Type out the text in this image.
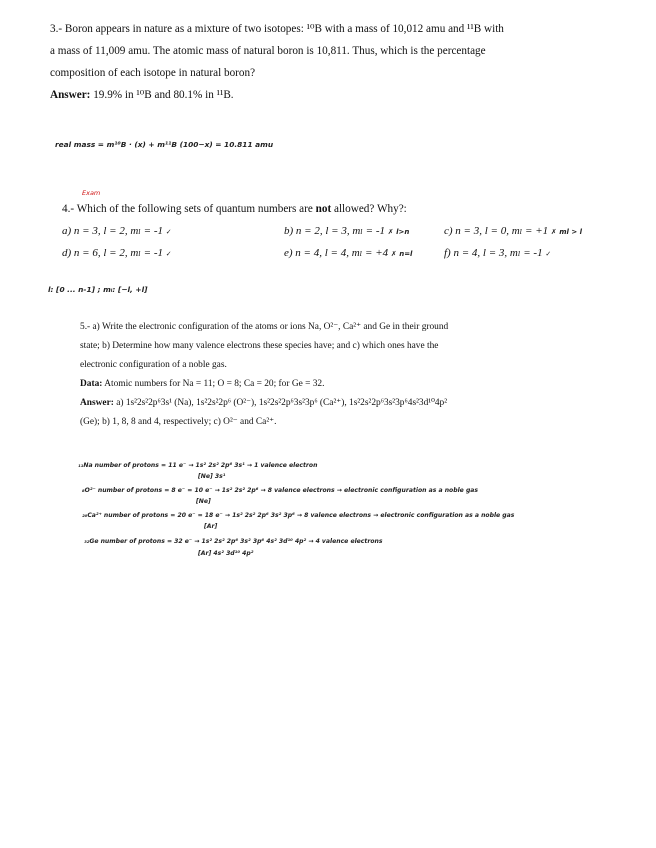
3.- Boron appears in nature as a mixture of two isotopes: ¹⁰B with a mass of 10,012 amu and ¹¹B with

a mass of 11,009 amu. The atomic mass of natural boron is 10,811. Thus, which is the percentage

composition of each isotope in natural boron?

Answer: 19.9% in ¹⁰B and 80.1% in ¹¹B.

real mass = m¹⁰B · (x) + m¹¹B (100−x) = 10.811 amu
Exam
4.- Which of the following sets of quantum numbers are not allowed? Why?:
a) n = 3, l = 2, mₗ = -1 ✓	b) n = 2, l = 3, mₗ = -1 ✗ l>n	c) n = 3, l = 0, mₗ = +1 ✗ ml > l
d) n = 6, l = 2, mₗ = -1 ✓	e) n = 4, l = 4, mₗ = +4 ✗ n=l	f) n = 4, l = 3, mₗ = -1 ✓
l: [0 ... n-1] ; mₗ: [−l, +l]

5.- a) Write the electronic configuration of the atoms or ions Na, O²⁻, Ca²⁺ and Ge in their ground

state; b) Determine how many valence electrons these species have; and c) which ones have the

electronic configuration of a noble gas.

Data: Atomic numbers for Na = 11; O = 8; Ca = 20; for Ge = 32.

Answer: a) 1s²2s²2p⁶3s¹ (Na), 1s²2s²2p⁶ (O²⁻), 1s²2s²2p⁶3s²3p⁶ (Ca²⁺), 1s²2s²2p⁶3s²3p⁶4s²3d¹⁰4p²

(Ge); b) 1, 8, 8 and 4, respectively; c) O²⁻ and Ca²⁺.

₁₁Na number of protons = 11 e⁻ → 1s² 2s² 2p⁶ 3s¹ → 1 valence electron
[Ne] 3s¹
₈O²⁻ number of protons = 8 e⁻ = 10 e⁻ → 1s² 2s² 2p⁶ → 8 valence electrons → electronic configuration as a noble gas
[Ne]
₂₀Ca²⁺ number of protons = 20 e⁻ = 18 e⁻ → 1s² 2s² 2p⁶ 3s² 3p⁶ → 8 valence electrons → electronic configuration as a noble gas
[Ar]
₃₂Ge number of protons = 32 e⁻ → 1s² 2s² 2p⁶ 3s² 3p⁶ 4s² 3d¹⁰ 4p² → 4 valence electrons
[Ar] 4s² 3d¹⁰ 4p²
